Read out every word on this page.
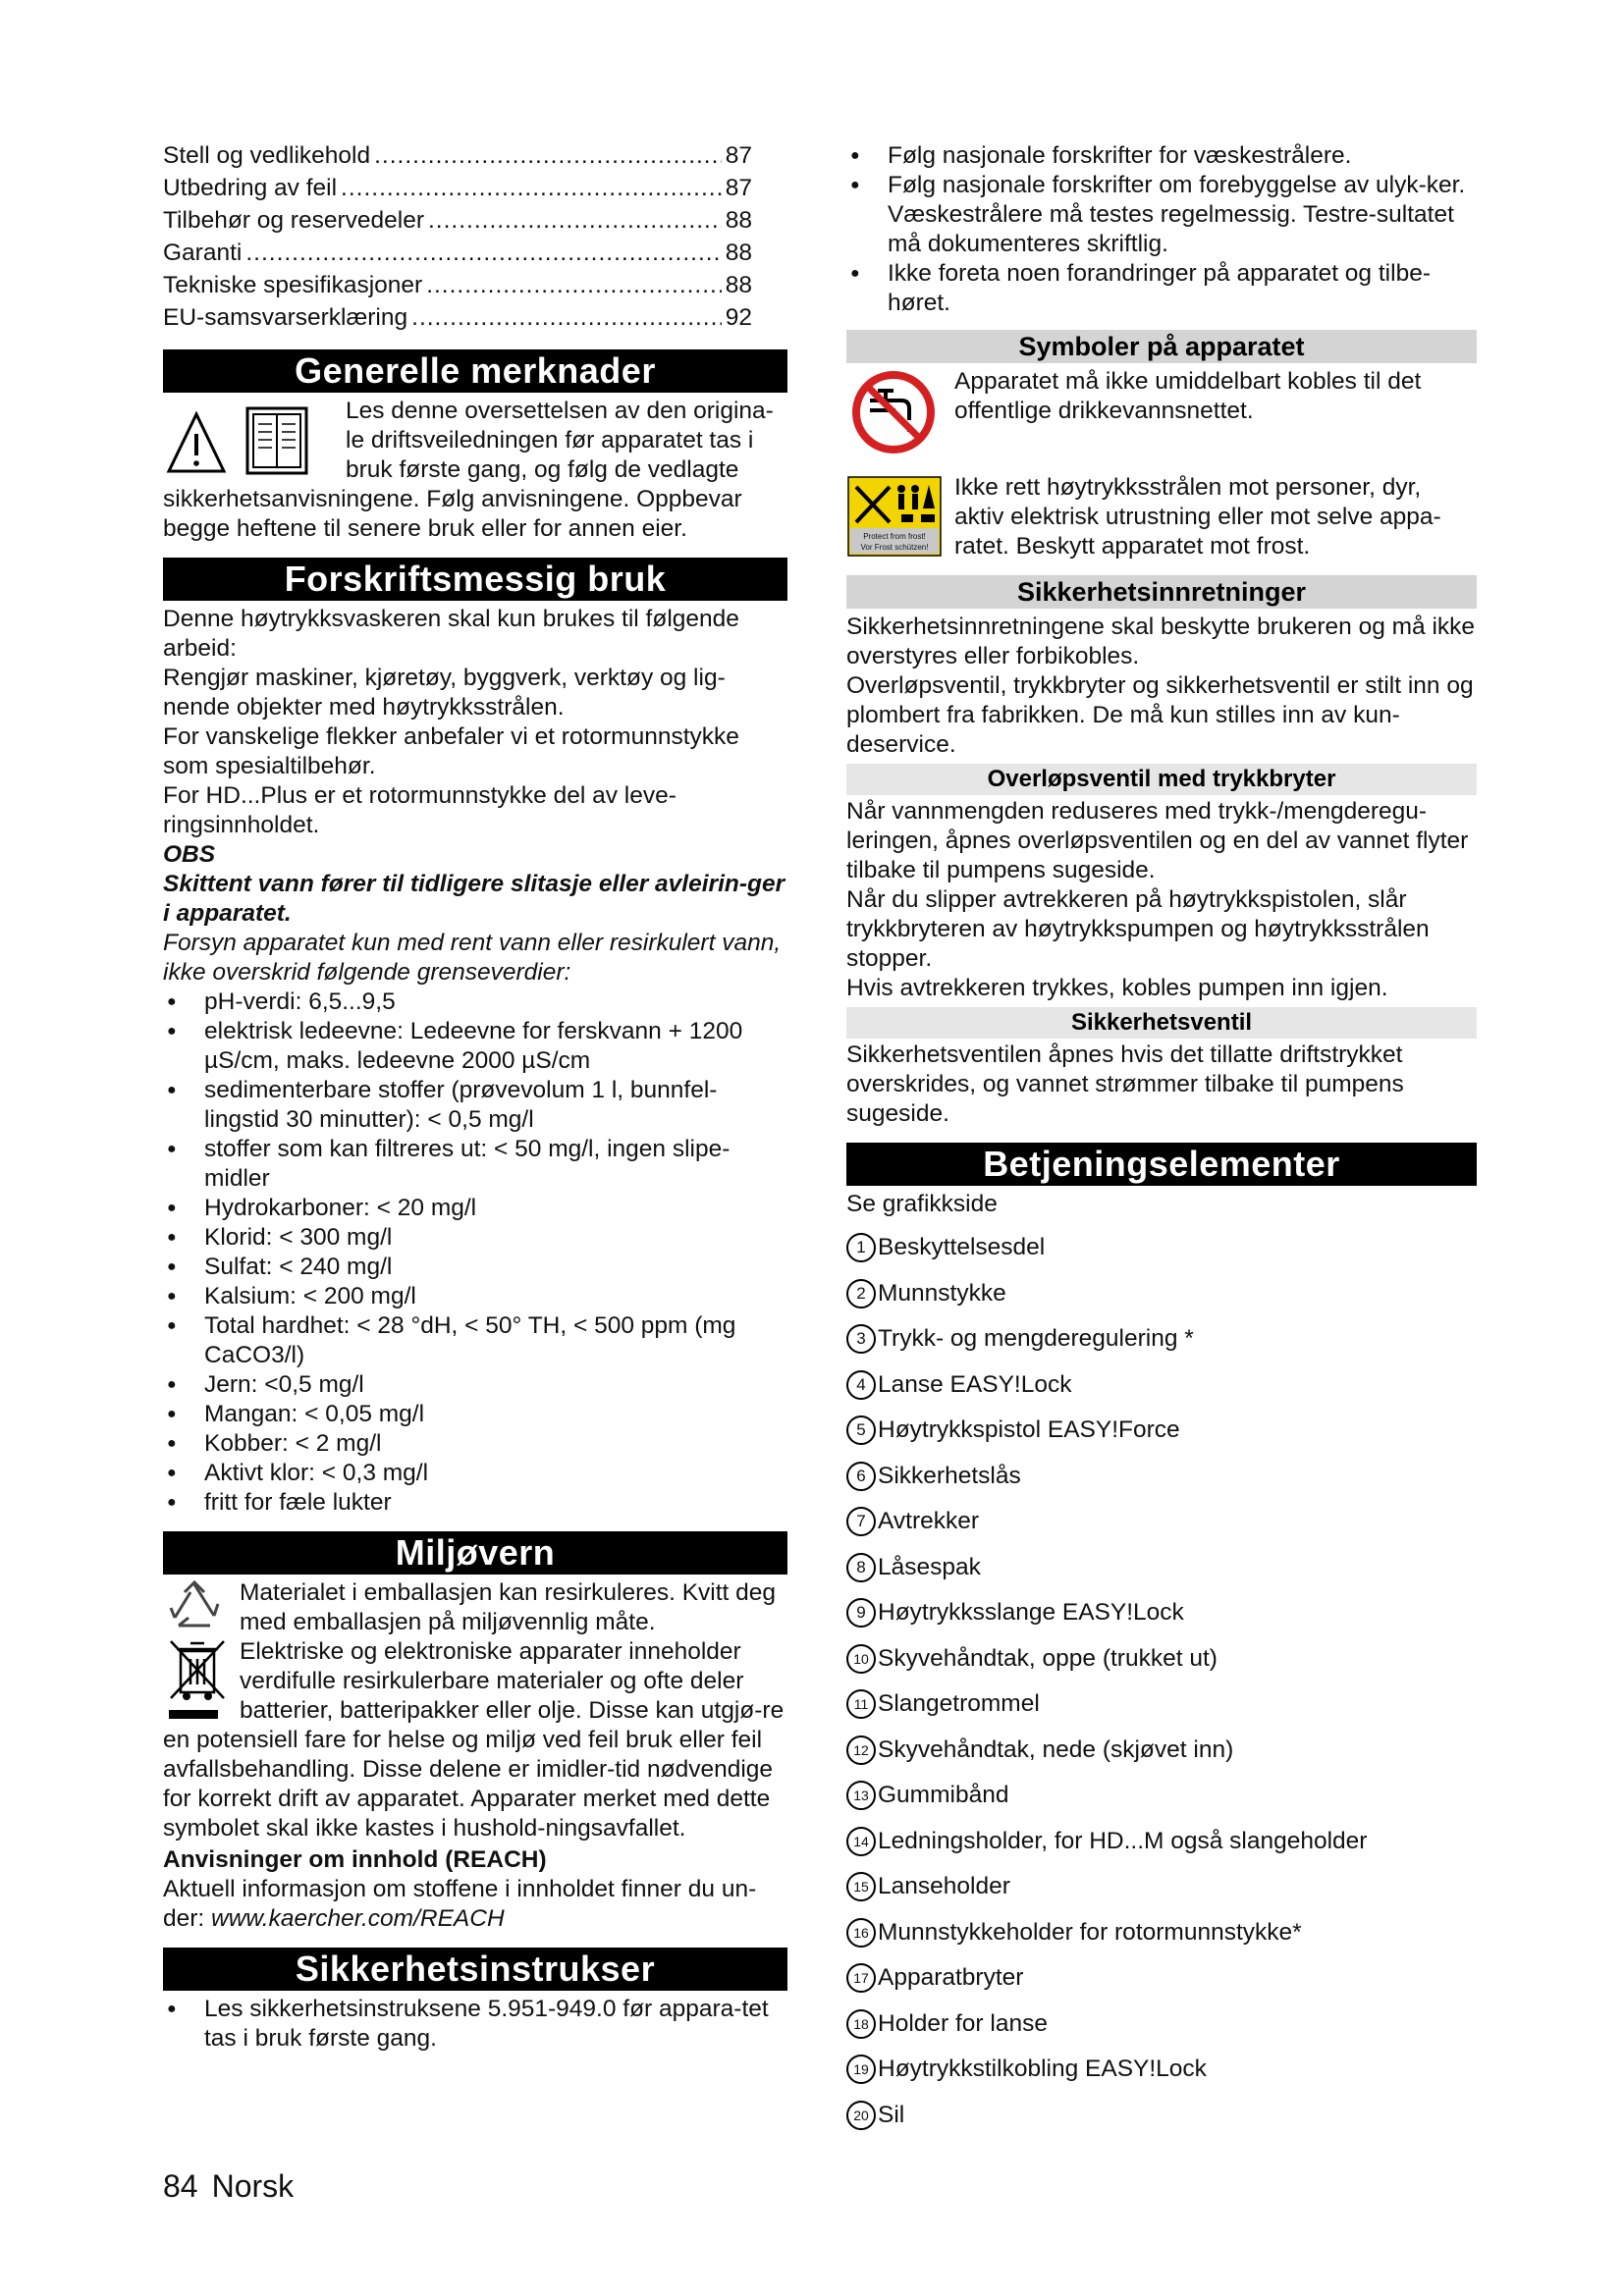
Stell og vedlikehold .....	87
Utbedring av feil .....	87
Tilbehør og reservedeler .....	88
Garanti .....	88
Tekniske spesifikasjoner .....	88
EU-samsvarserklæring .....	92
Generelle merknader

Les denne oversettelsen av den origina-le driftsveiledningen før apparatet tas i bruk første gang, og følg de vedlagte sikkerhetsanvisningene. Følg anvisningene. Oppbevar begge heftene til senere bruk eller for annen eier.

Forskriftsmessig bruk

Denne høytrykksvaskeren skal kun brukes til følgende arbeid:

Rengjør maskiner, kjøretøy, byggverk, verktøy og lig-nende objekter med høytrykksstrålen.

For vanskelige flekker anbefaler vi et rotormunnstykke som spesialtilbehør.

For HD...Plus er et rotormunnstykke del av leve-ringsinnholdet.

OBS

Skittent vann fører til tidligere slitasje eller avleirin-ger i apparatet.

Forsyn apparatet kun med rent vann eller resirkulert vann, ikke overskrid følgende grenseverdier:

● pH-verdi: 6,5...9,5
● elektrisk ledeevne: Ledeevne for ferskvann + 1200 µS/cm, maks. ledeevne 2000 µS/cm
● sedimenterbare stoffer (prøvevolum 1 l, bunnfel-lingstid 30 minutter): < 0,5 mg/l
● stoffer som kan filtreres ut: < 50 mg/l, ingen slipe-midler
● Hydrokarboner: < 20 mg/l
● Klorid: < 300 mg/l
● Sulfat: < 240 mg/l
● Kalsium: < 200 mg/l
● Total hardhet: < 28 °dH, < 50° TH, < 500 ppm (mg CaCO3/l)
● Jern: <0,5 mg/l
● Mangan: < 0,05 mg/l
● Kobber: < 2 mg/l
● Aktivt klor: < 0,3 mg/l
● fritt for fæle lukter
Miljøvern

Materialet i emballasjen kan resirkuleres. Kvitt deg med emballasjen på miljøvennlig måte.

Elektriske og elektroniske apparater inneholder verdifulle resirkulerbare materialer og ofte deler batterier, batteripakker eller olje. Disse kan utgjø-re en potensiell fare for helse og miljø ved feil bruk eller feil avfallsbehandling. Disse delene er imidler-tid nødvendige for korrekt drift av apparatet. Apparater merket med dette symbolet skal ikke kastes i hushold-ningsavfallet.

Anvisninger om innhold (REACH)

Aktuell informasjon om stoffene i innholdet finner du un-der: www.kaercher.com/REACH

Sikkerhetsinstrukser
● Les sikkerhetsinstruksene 5.951-949.0 før appara-tet tas i bruk første gang.
● Følg nasjonale forskrifter for væskestrålere.
● Følg nasjonale forskrifter om forebyggelse av ulyk-ker. Væskestrålere må testes regelmessig. Testre-sultatet må dokumenteres skriftlig.
● Ikke foreta noen forandringer på apparatet og tilbe-høret.
Symboler på apparatet

Apparatet må ikke umiddelbart kobles til det offentlige drikkevannsnettet.

Protect from frost!
Vor Frost schützen!

Ikke rett høytrykksstrålen mot personer, dyr, aktiv elektrisk utrustning eller mot selve appa-ratet. Beskytt apparatet mot frost.

Sikkerhetsinnretninger

Sikkerhetsinnretningene skal beskytte brukeren og må ikke overstyres eller forbikobles.

Overløpsventil, trykkbryter og sikkerhetsventil er stilt inn og plombert fra fabrikken. De må kun stilles inn av kun-deservice.

Overløpsventil med trykkbryter

Når vannmengden reduseres med trykk-/mengderegu-leringen, åpnes overløpsventilen og en del av vannet flyter tilbake til pumpens sugeside.

Når du slipper avtrekkeren på høytrykkspistolen, slår trykkbryteren av høytrykkspumpen og høytrykksstrålen stopper.

Hvis avtrekkeren trykkes, kobles pumpen inn igjen.

Sikkerhetsventil

Sikkerhetsventilen åpnes hvis det tillatte driftstrykket overskrides, og vannet strømmer tilbake til pumpens sugeside.

Betjeningselementer

Se grafikkside

1 Beskyttelsesdel
2 Munnstykke
3 Trykk- og mengderegulering *
4 Lanse EASY!Lock
5 Høytrykkspistol EASY!Force
6 Sikkerhetslås
7 Avtrekker
8 Låsespak
9 Høytrykksslange EASY!Lock
10 Skyvehåndtak, oppe (trukket ut)
11 Slangetrommel
12 Skyvehåndtak, nede (skjøvet inn)
13 Gummibånd
14 Ledningsholder, for HD...M også slangeholder
15 Lanseholder
16 Munnstykkeholder for rotormunnstykke*
17 Apparatbryter
18 Holder for lanse
19 Høytrykkstilkobling EASY!Lock
20 Sil
84 Norsk
